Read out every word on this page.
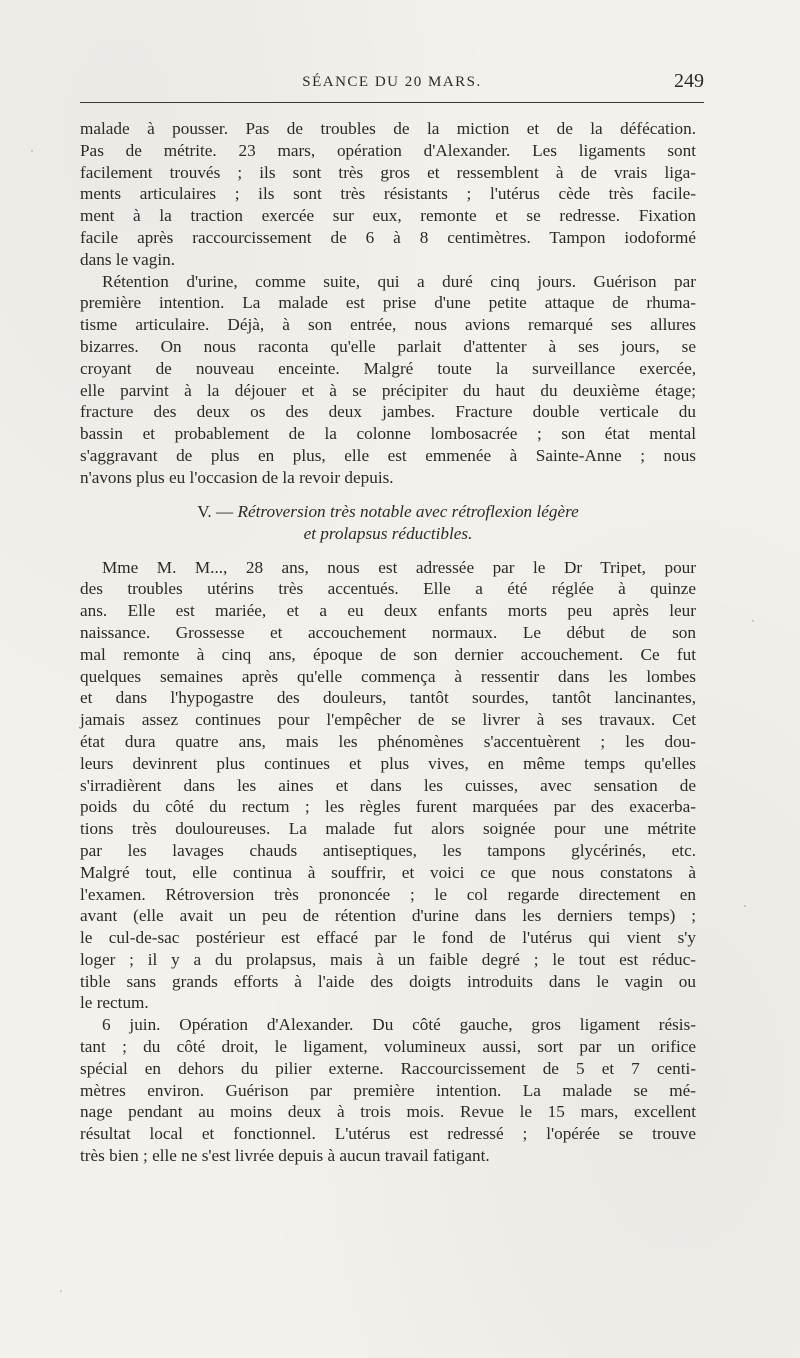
SÉANCE DU 20 MARS.	249
malade à pousser. Pas de troubles de la miction et de la défécation.
Pas de métrite. 23 mars, opération d'Alexander. Les ligaments sont
facilement trouvés ; ils sont très gros et ressemblent à de vrais liga-
ments articulaires ; ils sont très résistants ; l'utérus cède très facile-
ment à la traction exercée sur eux, remonte et se redresse. Fixation
facile après raccourcissement de 6 à 8 centimètres. Tampon iodoformé
dans le vagin.
Rétention d'urine, comme suite, qui a duré cinq jours. Guérison par
première intention. La malade est prise d'une petite attaque de rhuma-
tisme articulaire. Déjà, à son entrée, nous avions remarqué ses allures
bizarres. On nous raconta qu'elle parlait d'attenter à ses jours, se
croyant de nouveau enceinte. Malgré toute la surveillance exercée,
elle parvint à la déjouer et à se précipiter du haut du deuxième étage;
fracture des deux os des deux jambes. Fracture double verticale du
bassin et probablement de la colonne lombosacrée ; son état mental
s'aggravant de plus en plus, elle est emmenée à Sainte-Anne ; nous
n'avons plus eu l'occasion de la revoir depuis.
V. — Rétroversion très notable avec rétroflexion légère
et prolapsus réductibles.
Mme M. M..., 28 ans, nous est adressée par le Dr Tripet, pour
des troubles utérins très accentués. Elle a été réglée à quinze
ans. Elle est mariée, et a eu deux enfants morts peu après leur
naissance. Grossesse et accouchement normaux. Le début de son
mal remonte à cinq ans, époque de son dernier accouchement. Ce fut
quelques semaines après qu'elle commença à ressentir dans les lombes
et dans l'hypogastre des douleurs, tantôt sourdes, tantôt lancinantes,
jamais assez continues pour l'empêcher de se livrer à ses travaux. Cet
état dura quatre ans, mais les phénomènes s'accentuèrent ; les dou-
leurs devinrent plus continues et plus vives, en même temps qu'elles
s'irradièrent dans les aines et dans les cuisses, avec sensation de
poids du côté du rectum ; les règles furent marquées par des exacerba-
tions très douloureuses. La malade fut alors soignée pour une métrite
par les lavages chauds antiseptiques, les tampons glycérinés, etc.
Malgré tout, elle continua à souffrir, et voici ce que nous constatons à
l'examen. Rétroversion très prononcée ; le col regarde directement en
avant (elle avait un peu de rétention d'urine dans les derniers temps) ;
le cul-de-sac postérieur est effacé par le fond de l'utérus qui vient s'y
loger ; il y a du prolapsus, mais à un faible degré ; le tout est réduc-
tible sans grands efforts à l'aide des doigts introduits dans le vagin ou
le rectum.
6 juin. Opération d'Alexander. Du côté gauche, gros ligament résis-
tant ; du côté droit, le ligament, volumineux aussi, sort par un orifice
spécial en dehors du pilier externe. Raccourcissement de 5 et 7 centi-
mètres environ. Guérison par première intention. La malade se mé-
nage pendant au moins deux à trois mois. Revue le 15 mars, excellent
résultat local et fonctionnel. L'utérus est redressé ; l'opérée se trouve
très bien ; elle ne s'est livrée depuis à aucun travail fatigant.
